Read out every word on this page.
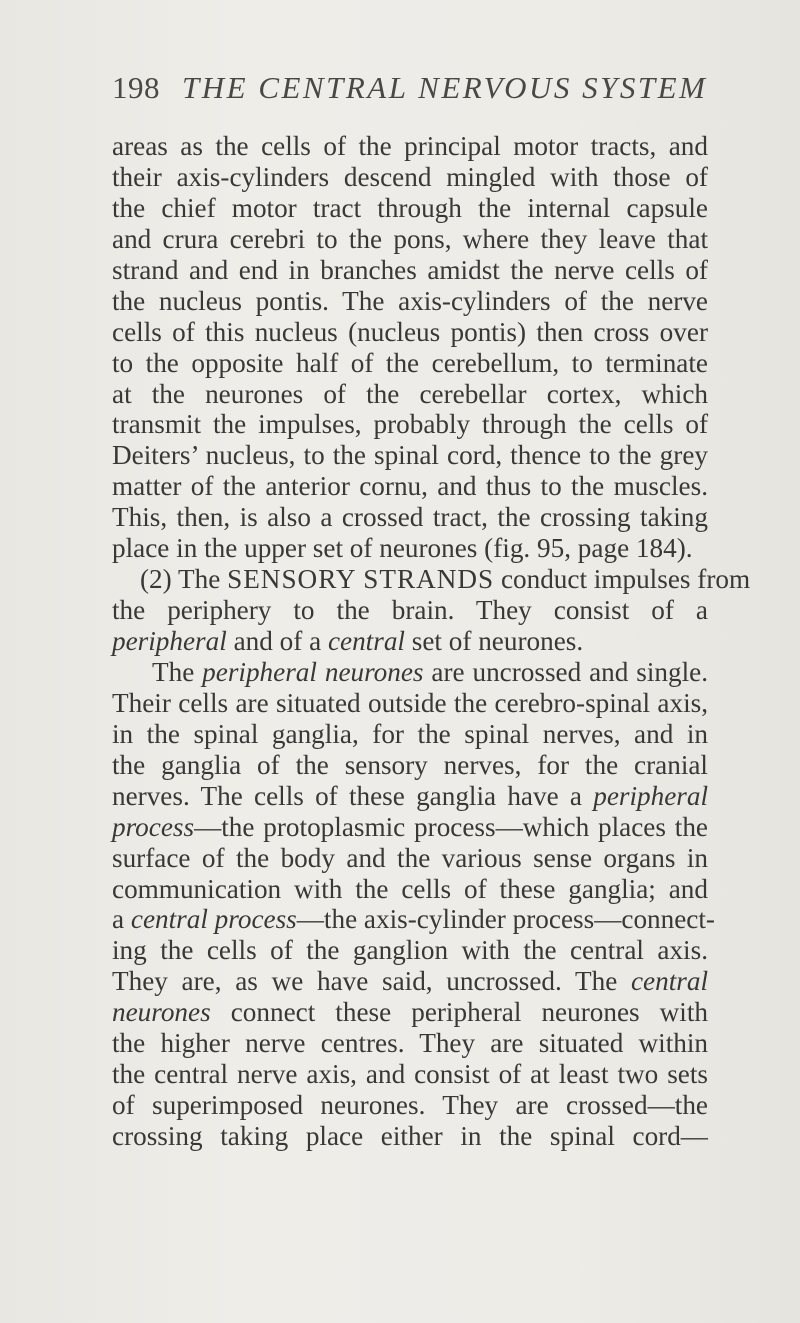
198 THE CENTRAL NERVOUS SYSTEM
areas as the cells of the principal motor tracts, and
their axis-cylinders descend mingled with those of
the chief motor tract through the internal capsule
and crura cerebri to the pons, where they leave that
strand and end in branches amidst the nerve cells of
the nucleus pontis. The axis-cylinders of the nerve
cells of this nucleus (nucleus pontis) then cross over
to the opposite half of the cerebellum, to terminate
at the neurones of the cerebellar cortex, which
transmit the impulses, probably through the cells of
Deiters’ nucleus, to the spinal cord, thence to the grey
matter of the anterior cornu, and thus to the muscles.
This, then, is also a crossed tract, the crossing taking
place in the upper set of neurones (fig. 95, page 184).
(2) The SENSORY STRANDS conduct impulses from
the periphery to the brain. They consist of a
peripheral and of a central set of neurones.
The peripheral neurones are uncrossed and single.
Their cells are situated outside the cerebro-spinal axis,
in the spinal ganglia, for the spinal nerves, and in
the ganglia of the sensory nerves, for the cranial
nerves. The cells of these ganglia have a peripheral
process—the protoplasmic process—which places the
surface of the body and the various sense organs in
communication with the cells of these ganglia; and
a central process—the axis-cylinder process—connect-
ing the cells of the ganglion with the central axis.
They are, as we have said, uncrossed. The central
neurones connect these peripheral neurones with
the higher nerve centres. They are situated within
the central nerve axis, and consist of at least two sets
of superimposed neurones. They are crossed—the
crossing taking place either in the spinal cord—
